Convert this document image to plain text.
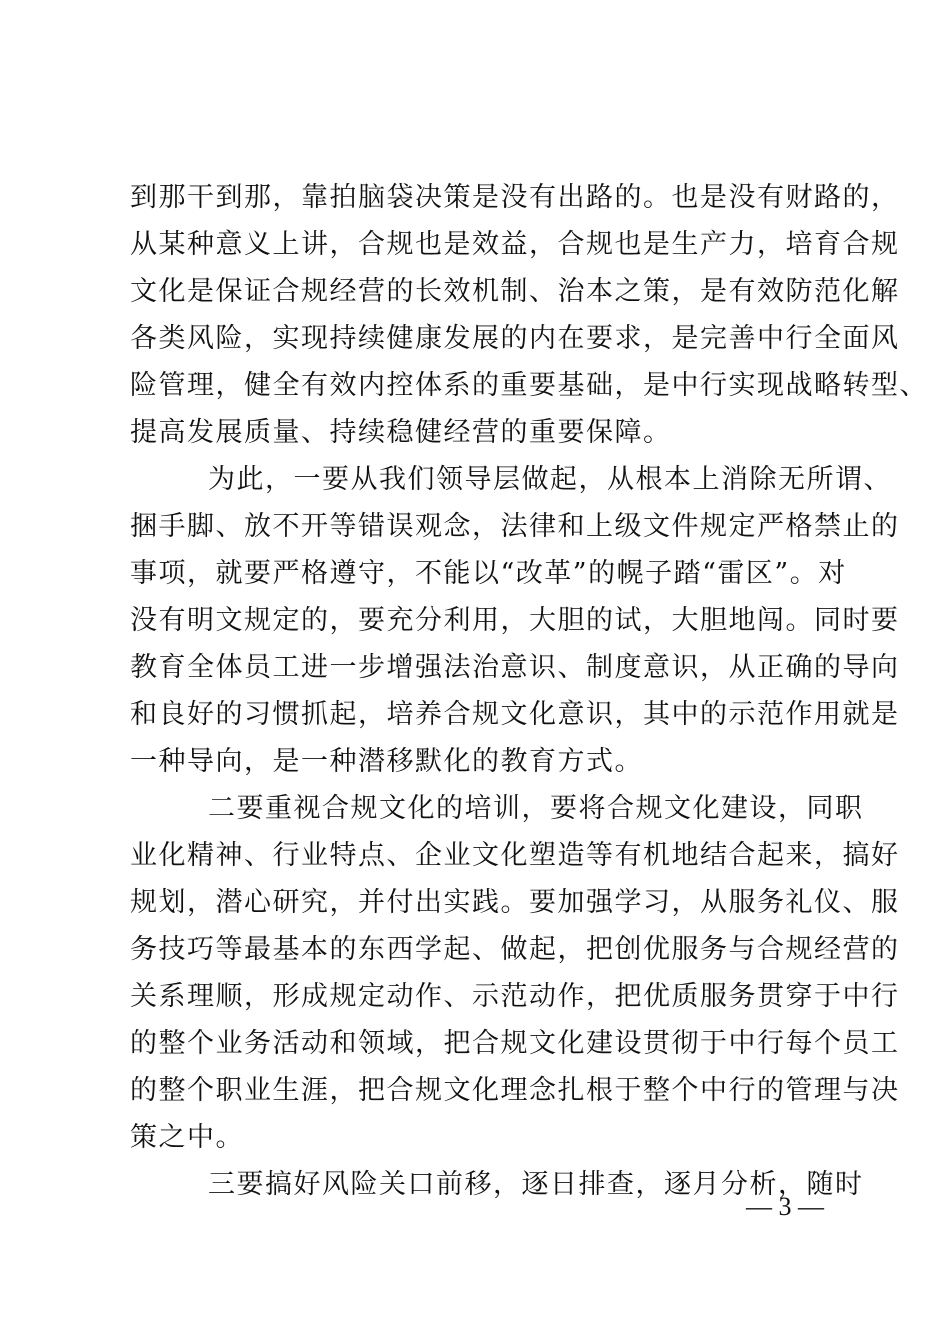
到那干到那，靠拍脑袋决策是没有出路的。也是没有财路的，
从某种意义上讲，合规也是效益，合规也是生产力，培育合规
文化是保证合规经营的长效机制、治本之策，是有效防范化解
各类风险，实现持续健康发展的内在要求，是完善中行全面风
险管理，健全有效内控体系的重要基础，是中行实现战略转型、
提高发展质量、持续稳健经营的重要保障。
为此，一要从我们领导层做起，从根本上消除无所谓、
捆手脚、放不开等错误观念，法律和上级文件规定严格禁止的
事项，就要严格遵守，不能以“改革”的幌子踏“雷区”。对
没有明文规定的，要充分利用，大胆的试，大胆地闯。同时要
教育全体员工进一步增强法治意识、制度意识，从正确的导向
和良好的习惯抓起，培养合规文化意识，其中的示范作用就是
一种导向，是一种潜移默化的教育方式。
二要重视合规文化的培训，要将合规文化建设，同职
业化精神、行业特点、企业文化塑造等有机地结合起来，搞好
规划，潜心研究，并付出实践。要加强学习，从服务礼仪、服
务技巧等最基本的东西学起、做起，把创优服务与合规经营的
关系理顺，形成规定动作、示范动作，把优质服务贯穿于中行
的整个业务活动和领域，把合规文化建设贯彻于中行每个员工
的整个职业生涯，把合规文化理念扎根于整个中行的管理与决
策之中。
三要搞好风险关口前移，逐日排查，逐月分析，随时
— 3 —
